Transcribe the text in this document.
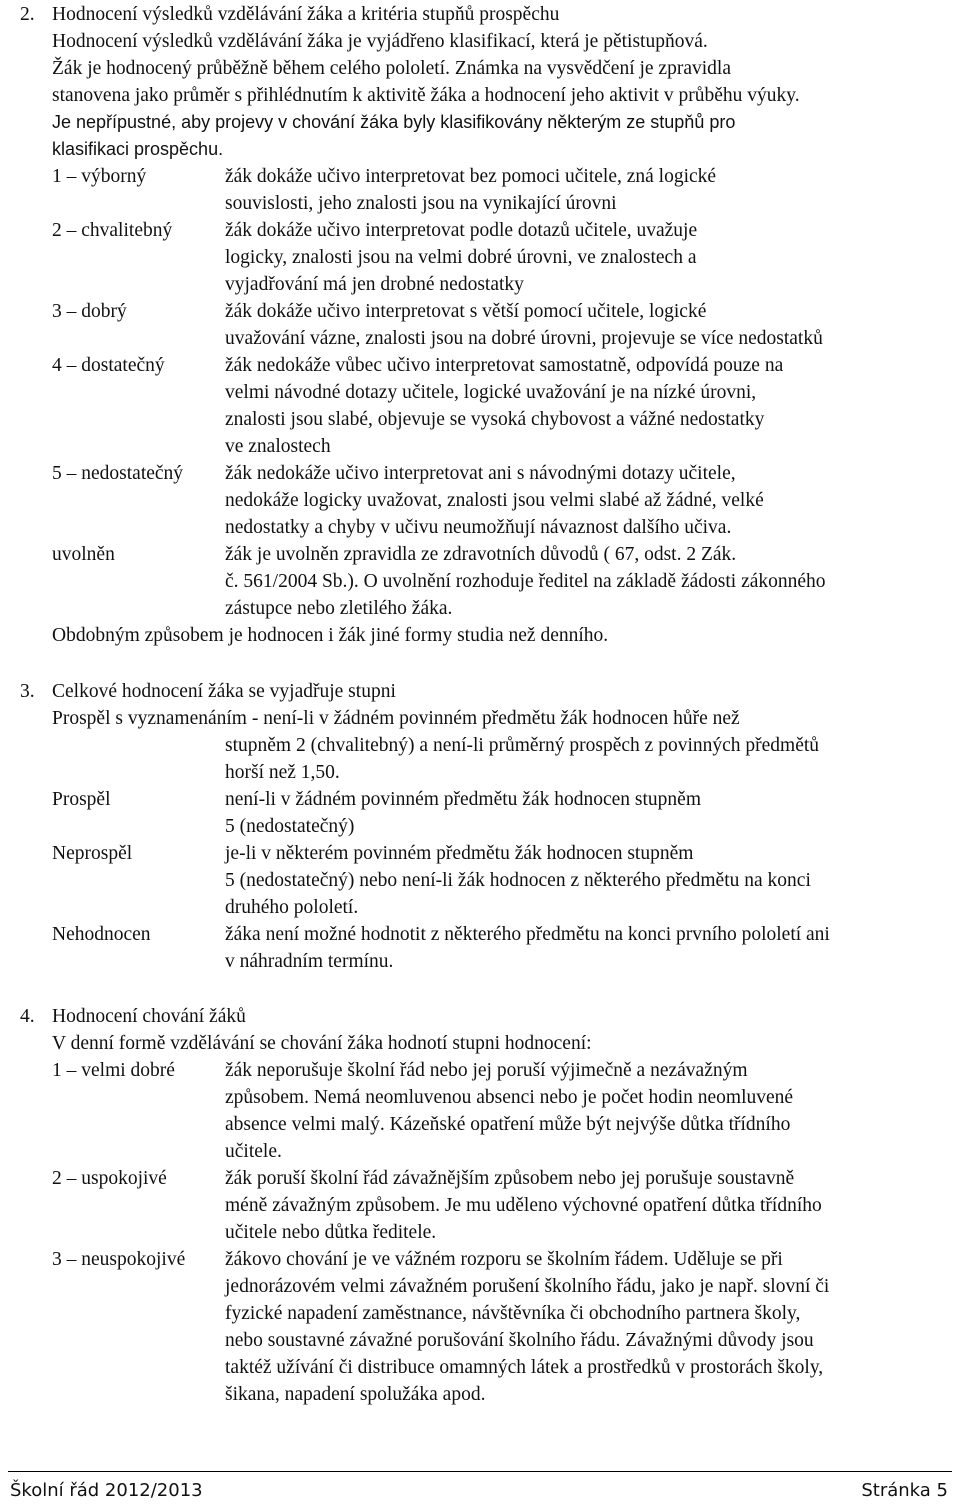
2. Hodnocení výsledků vzdělávání žáka a kritéria stupňů prospěchu
Hodnocení výsledků vzdělávání žáka je vyjádřeno klasifikací, která je pětistupňová.
Žák je hodnocený průběžně během celého pololetí. Známka na vysvědčení je zpravidla
stanovena jako průměr s přihlédnutím k aktivitě žáka a hodnocení jeho aktivit v průběhu výuky.
Je nepřípustné, aby projevy v chování žáka byly klasifikovány některým ze stupňů pro
klasifikaci prospěchu.
1 – výborný	žák dokáže učivo interpretovat bez pomoci učitele, zná logické
souvislosti, jeho znalosti jsou na vynikající úrovni
2 – chvalitebný	žák dokáže učivo interpretovat podle dotazů učitele, uvažuje
logicky, znalosti jsou na velmi dobré úrovni, ve znalostech a
vyjadřování má jen drobné nedostatky
3 – dobrý	žák dokáže učivo interpretovat s větší pomocí učitele, logické
uvažování vázne, znalosti jsou na dobré úrovni, projevuje se více nedostatků
4 – dostatečný	žák nedokáže vůbec učivo interpretovat samostatně, odpovídá pouze na
velmi návodné dotazy učitele, logické uvažování je na nízké úrovni,
znalosti jsou slabé, objevuje se vysoká chybovost a vážné nedostatky
ve znalostech
5 – nedostatečný žák nedokáže učivo interpretovat ani s návodnými dotazy učitele,
nedokáže logicky uvažovat, znalosti jsou velmi slabé až žádné, velké
nedostatky a chyby v učivu neumožňují návaznost dalšího učiva.
uvolněn	žák je uvolněn zpravidla ze zdravotních důvodů ( 67, odst. 2 Zák.
č. 561/2004 Sb.). O uvolnění rozhoduje ředitel na základě žádosti zákonného
zástupce nebo zletilého žáka.
Obdobným způsobem je hodnocen i žák jiné formy studia než denního.
3. Celkové hodnocení žáka se vyjadřuje stupni
Prospěl s vyznamenáním - není-li v žádném povinném předmětu žák hodnocen hůře než
stupněm 2 (chvalitebný) a není-li průměrný prospěch z povinných předmětů
horší než 1,50.
Prospěl	není-li v žádném povinném předmětu žák hodnocen stupněm
5 (nedostatečný)
Neprospěl	je-li v některém povinném předmětu žák hodnocen stupněm
5 (nedostatečný) nebo není-li žák hodnocen z některého předmětu na konci
druhého pololetí.
Nehodnocen	žáka není možné hodnotit z některého předmětu na konci prvního pololetí ani
v náhradním termínu.
4. Hodnocení chování žáků
V denní formě vzdělávání se chování žáka hodnotí stupni hodnocení:
1 – velmi dobré	žák neporušuje školní řád nebo jej poruší výjimečně a nezávažným
způsobem. Nemá neomluvenou absenci nebo je počet hodin neomluvené
absence velmi malý. Kázeňské opatření může být nejvýše důtka třídního
učitele.
2 – uspokojivé	žák poruší školní řád závažnějším způsobem nebo jej porušuje soustavně
méně závažným způsobem. Je mu uděleno výchovné opatření důtka třídního
učitele nebo důtka ředitele.
3 – neuspokojivé žákovo chování je ve vážném rozporu se školním řádem. Uděluje se při
jednorázovém velmi závažném porušení školního řádu, jako je např. slovní či
fyzické napadení zaměstnance, návštěvníka či obchodního partnera školy,
nebo soustavné závažné porušování školního řádu. Závažnými důvody jsou
taktéž užívání či distribuce omamných látek a prostředků v prostorách školy,
šikana, napadení spolužáka apod.
Školní řád 2012/2013	Stránka 5
